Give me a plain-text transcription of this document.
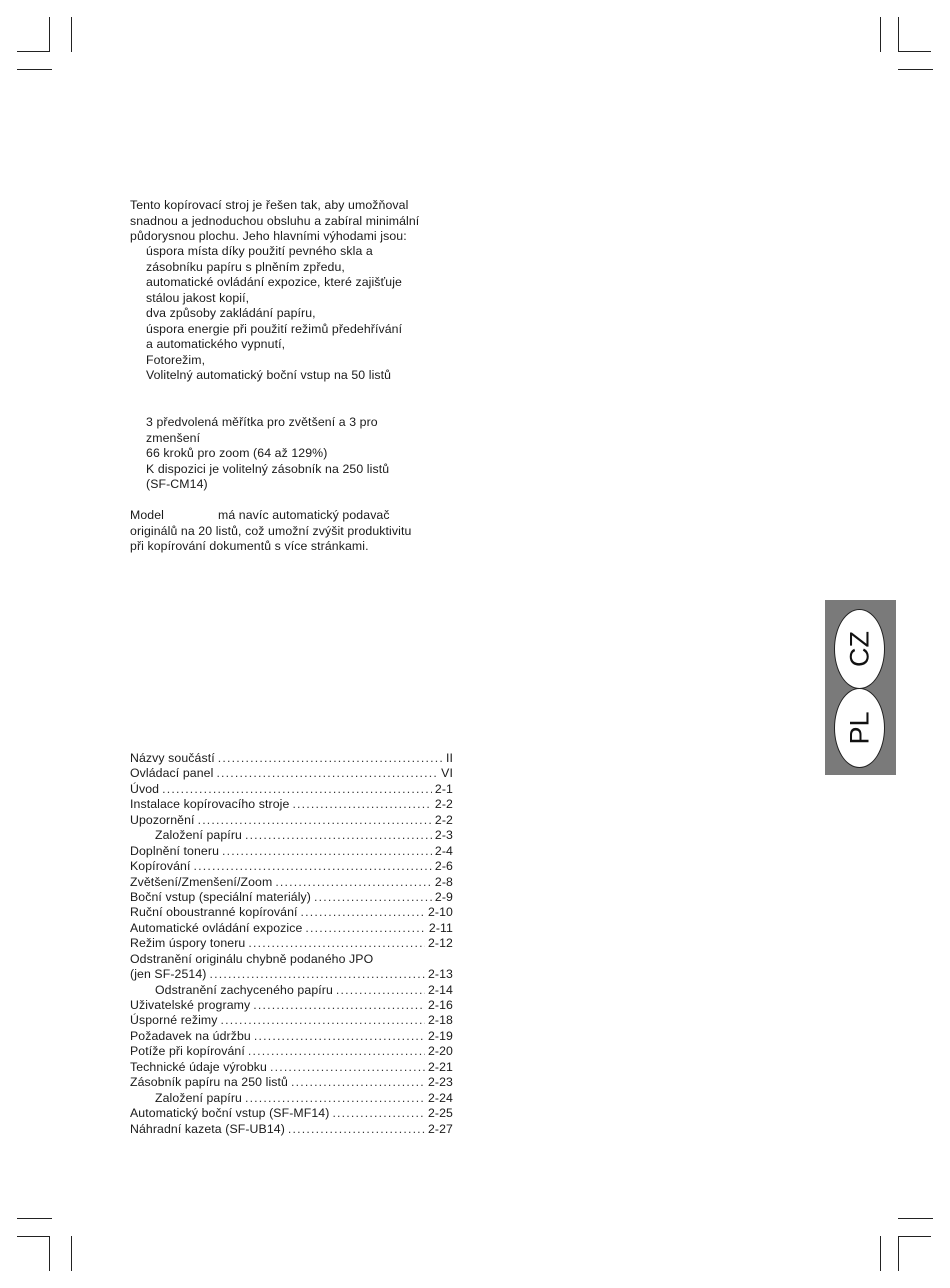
Tento kopírovací stroj je řešen tak, aby umožňoval
snadnou a jednoduchou obsluhu a zabíral minimální
půdorysnou plochu. Jeho hlavními výhodami jsou:
úspora místa díky použití pevného skla a
zásobníku papíru s plněním zpředu,
automatické ovládání expozice, které zajišťuje
stálou jakost kopií,
dva způsoby zakládání papíru,
úspora energie při použití režimů předehřívání
a automatického vypnutí,
Fotorežim,
Volitelný automatický boční vstup na 50 listů
3 předvolená měřítka pro zvětšení a 3 pro
zmenšení
66 kroků pro zoom (64 až 129%)
K dispozici je volitelný zásobník na 250 listů
(SF-CM14)
Model	má navíc automatický podavač
originálů na 20 listů, což umožní zvýšit produktivitu
při kopírování dokumentů s více stránkami.
Názvy součástí .....	II
Ovládací panel .....	VI
Úvod .....	2-1
Instalace kopírovacího stroje .....	2-2
Upozornění .....	2-2
Založení papíru .....	2-3
Doplnění toneru .....	2-4
Kopírování .....	2-6
Zvětšení/Zmenšení/Zoom .....	2-8
Boční vstup (speciální materiály) .....	2-9
Ruční oboustranné kopírování .....	2-10
Automatické ovládání expozice .....	2-11
Režim úspory toneru .....	2-12
Odstranění originálu chybně podaného JPO
(jen SF-2514) .....	2-13
Odstranění zachyceného papíru .....	2-14
Uživatelské programy .....	2-16
Úsporné režimy .....	2-18
Požadavek na údržbu .....	2-19
Potíže při kopírování .....	2-20
Technické údaje výrobku .....	2-21
Zásobník papíru na 250 listů .....	2-23
Založení papíru .....	2-24
Automatický boční vstup (SF-MF14) .....	2-25
Náhradní kazeta (SF-UB14) .....	2-27
CZ
PL
